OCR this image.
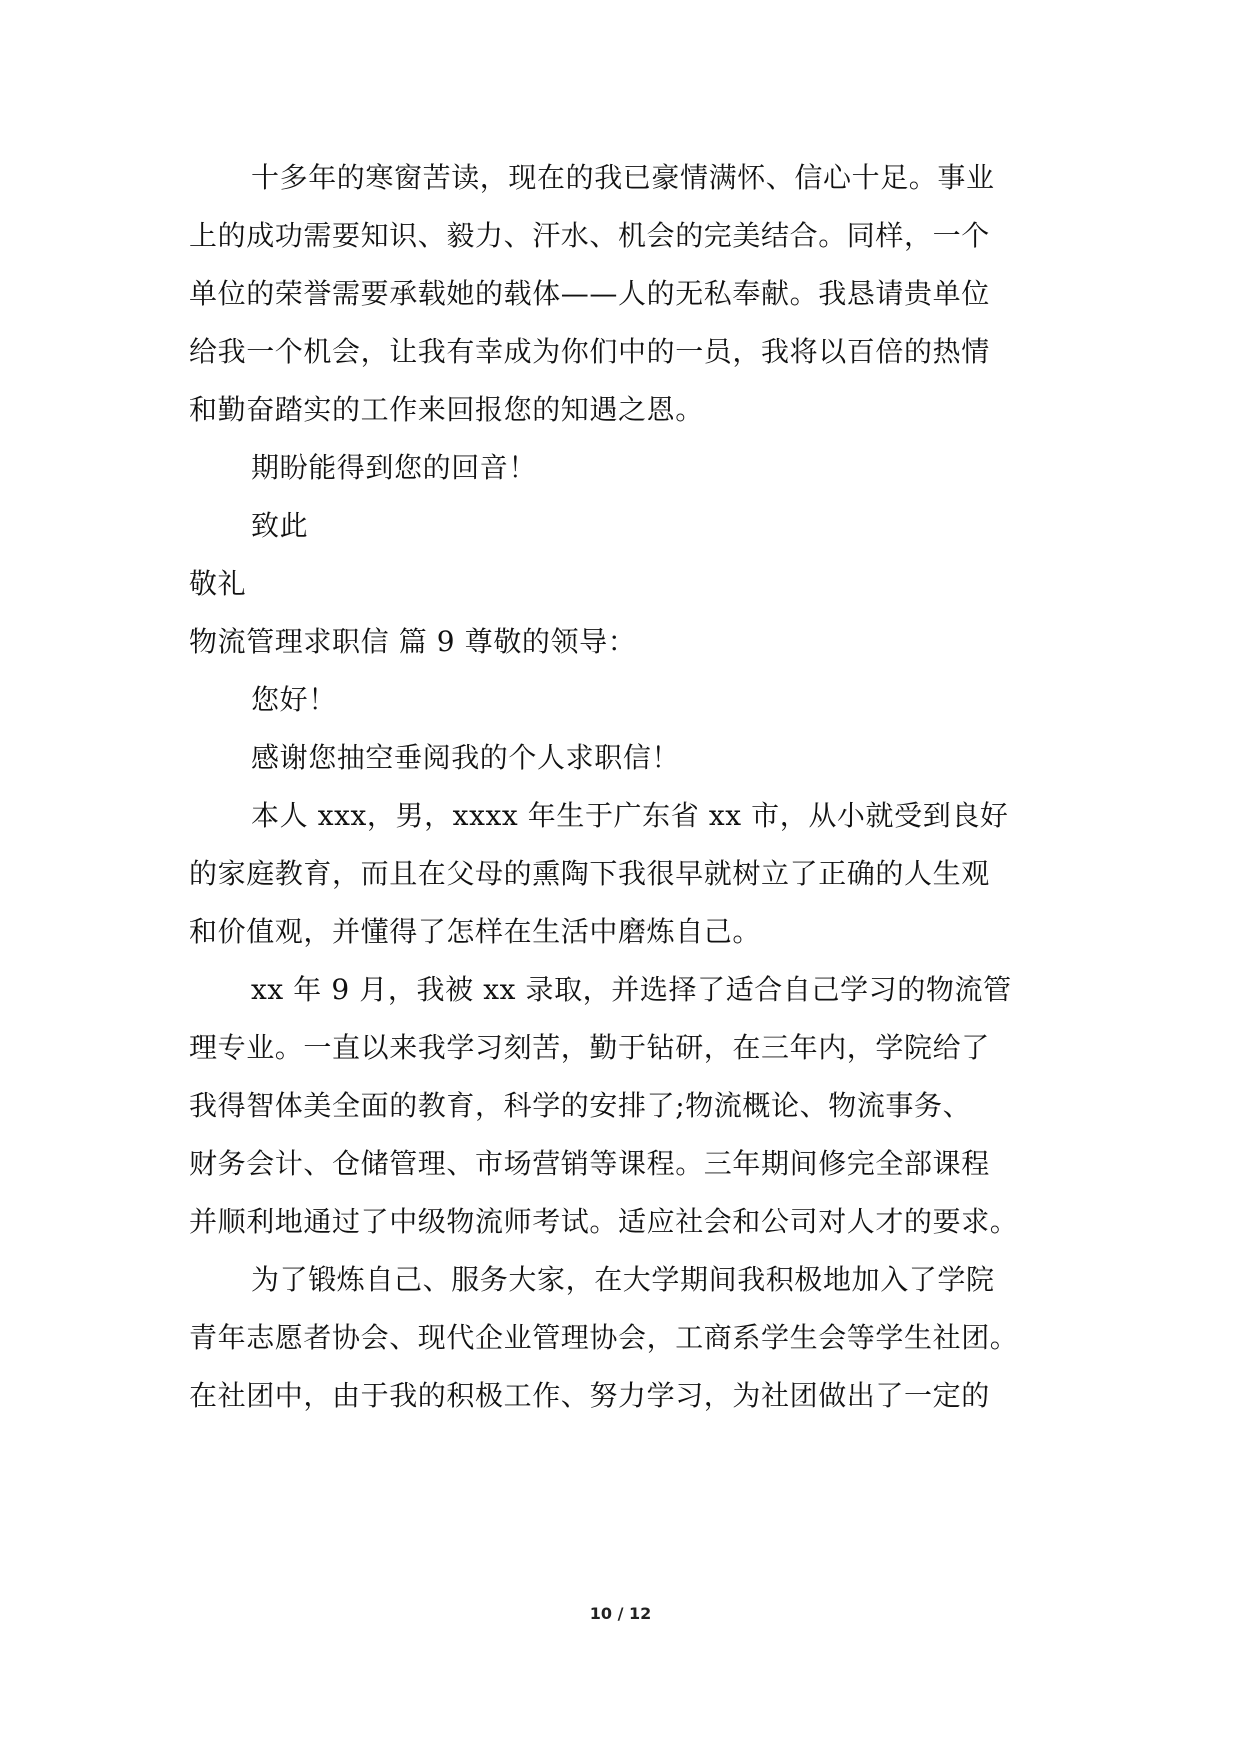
十多年的寒窗苦读，现在的我已豪情满怀、信心十足。事业
上的成功需要知识、毅力、汗水、机会的完美结合。同样，一个
单位的荣誉需要承载她的载体——人的无私奉献。我恳请贵单位
给我一个机会，让我有幸成为你们中的一员，我将以百倍的热情
和勤奋踏实的工作来回报您的知遇之恩。
期盼能得到您的回音！
致此
敬礼
物流管理求职信 篇 9 尊敬的领导：
您好！
感谢您抽空垂阅我的个人求职信！
本人 xxx，男，xxxx 年生于广东省 xx 市，从小就受到良好
的家庭教育，而且在父母的熏陶下我很早就树立了正确的人生观
和价值观，并懂得了怎样在生活中磨炼自己。
xx 年 9 月，我被 xx 录取，并选择了适合自己学习的物流管
理专业。一直以来我学习刻苦，勤于钻研，在三年内，学院给了
我得智体美全面的教育，科学的安排了;物流概论、物流事务、
财务会计、仓储管理、市场营销等课程。三年期间修完全部课程
并顺利地通过了中级物流师考试。适应社会和公司对人才的要求。
为了锻炼自己、服务大家，在大学期间我积极地加入了学院
青年志愿者协会、现代企业管理协会，工商系学生会等学生社团。
在社团中，由于我的积极工作、努力学习，为社团做出了一定的
10 / 12
